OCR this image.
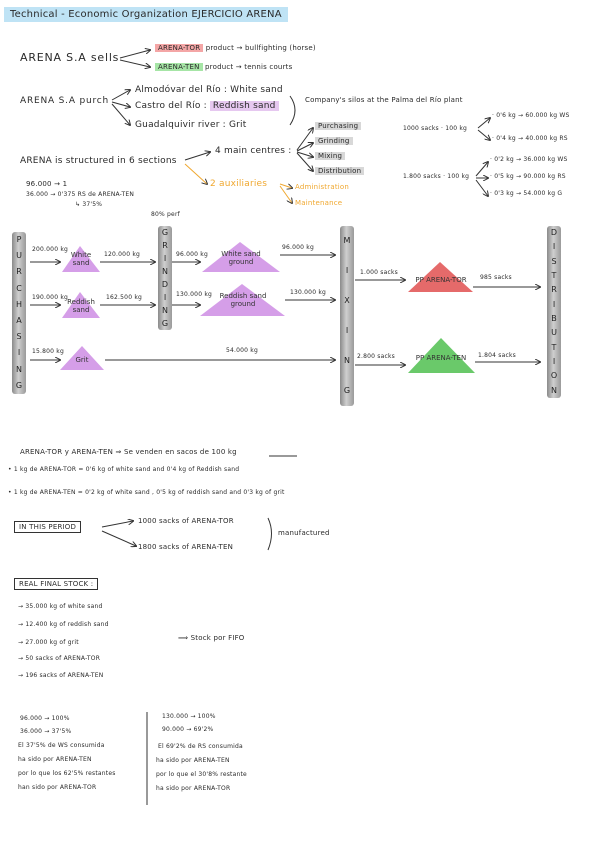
Technical - Economic Organization EJERCICIO ARENA
ARENA S.A sells
ARENA-TOR product → bullfighting (horse)
ARENA-TEN product → tennis courts
ARENA S.A purch
Almodóvar del Río : White sand
Castro del Río : Reddish sand
Guadalquivir river : Grit
Company's silos at the Palma del Río plant
ARENA is structured in 6 sections
4 main centres :
Purchasing
Grinding
Mixing
Distribution
2 auxiliaries	Administration
Maintenance
96.000 → 1
36.000 → 0'375 RS de ARENA-TEN
↳ 37'5%
1000 sacks · 100 kg
· 0'6 kg → 60.000 kg WS
· 0'4 kg → 40.000 kg RS
1.800 sacks · 100 kg
· 0'2 kg → 36.000 kg WS
· 0'5 kg → 90.000 kg RS
· 0'3 kg → 54.000 kg G
P
U
R
C
H
A
S
I
N
G
G
R
I
N
D
I
N
G
M
I
X
I
N
G
D
I
S
T
R
I
B
U
T
I
O
N
80% perf
200.000 kg
White sand
120.000 kg	96.000 kg	White sand ground
96.000 kg
190.000 kg
Reddish sand
162.500 kg	130.000 kg	Reddish sand ground
130.000 kg
15.800 kg
Grit
54.000 kg
1.000 sacks
PP ARENA-TOR 985 sacks
2.800 sacks	PP ARENA-TEN	1.804 sacks
ARENA-TOR y ARENA-TEN ⇒ Se venden en sacos de 100 kg
• 1 kg de ARENA-TOR = 0'6 kg of white sand and 0'4 kg of Reddish sand
• 1 kg de ARENA-TEN = 0'2 kg of white sand , 0'5 kg of reddish sand and 0'3 kg of grit
IN THIS PERIOD
1000 sacks of ARENA-TOR
1800 sacks of ARENA-TEN
manufactured
REAL FINAL STOCK :
→ 35.000 kg of white sand
→ 12.400 kg of reddish sand
→ 27.000 kg of grit
→ 50 sacks of ARENA-TOR
→ 196 sacks of ARENA-TEN
⟹ Stock por FIFO
96.000 → 100%
36.000 → 37'5%
El 37'5% de WS consumida
ha sido por ARENA-TEN
por lo que los 62'5% restantes
han sido por ARENA-TOR
130.000 → 100%
90.000 → 69'2%
El 69'2% de RS consumida
ha sido por ARENA-TEN
por lo que el 30'8% restante
ha sido por ARENA-TOR
